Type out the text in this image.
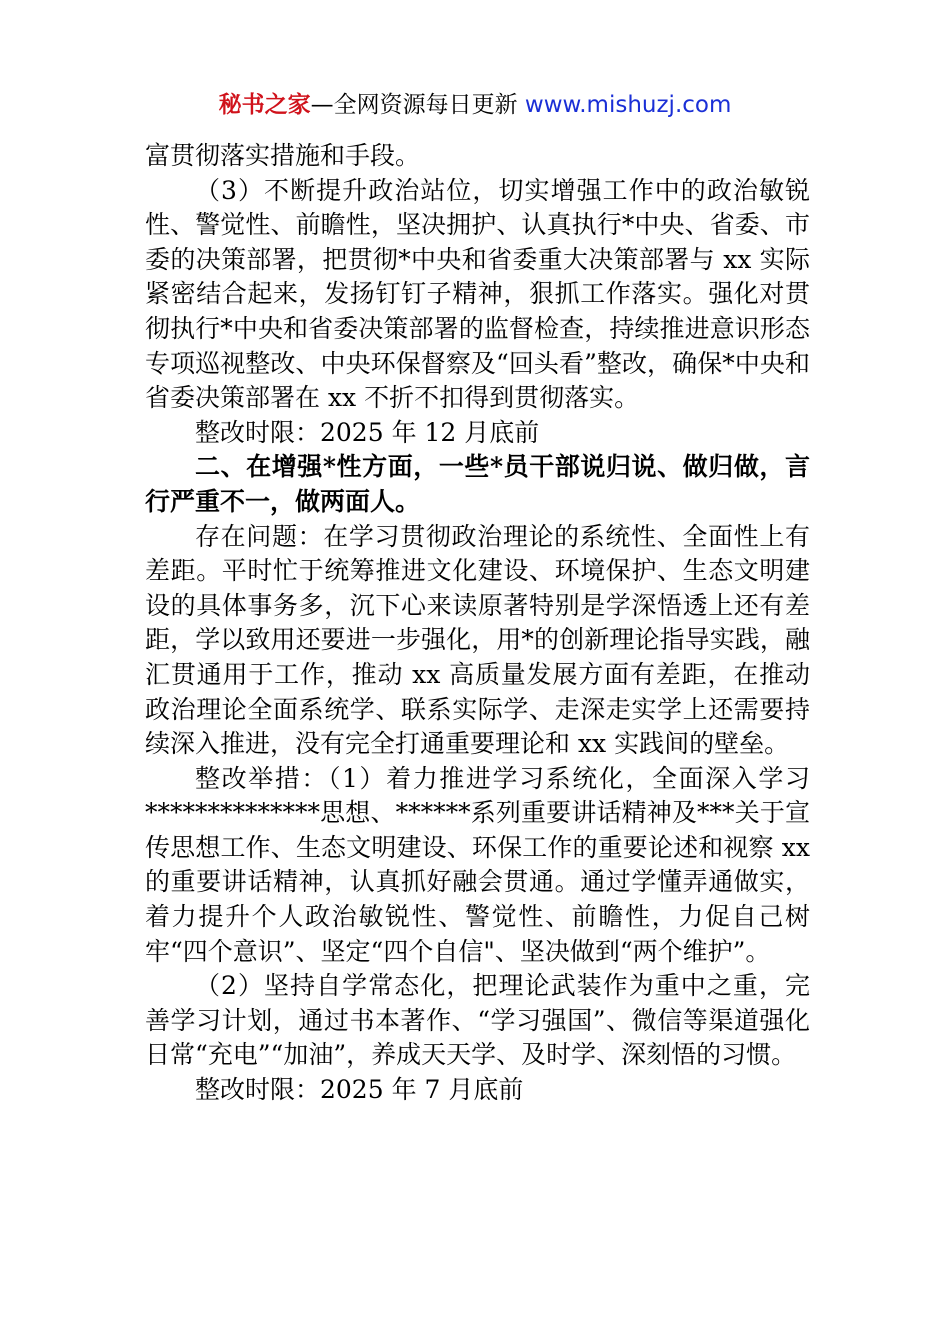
秘书之家—全网资源每日更新 www.mishuzj.com

富贯彻落实措施和手段。

（3）不断提升政治站位，切实增强工作中的政治敏锐性、警觉性、前瞻性，坚决拥护、认真执行*中央、省委、市委的决策部署，把贯彻*中央和省委重大决策部署与 xx 实际紧密结合起来，发扬钉钉子精神，狠抓工作落实。强化对贯彻执行*中央和省委决策部署的监督检查，持续推进意识形态专项巡视整改、中央环保督察及“回头看”整改，确保*中央和省委决策部署在 xx 不折不扣得到贯彻落实。

整改时限：2025 年 12 月底前

二、在增强*性方面，一些*员干部说归说、做归做，言行严重不一，做两面人。

存在问题：在学习贯彻政治理论的系统性、全面性上有差距。平时忙于统筹推进文化建设、环境保护、生态文明建设的具体事务多，沉下心来读原著特别是学深悟透上还有差距，学以致用还要进一步强化，用*的创新理论指导实践，融汇贯通用于工作，推动 xx 高质量发展方面有差距，在推动政治理论全面系统学、联系实际学、走深走实学上还需要持续深入推进，没有完全打通重要理论和 xx 实践间的壁垒。

整改举措：（1）着力推进学习系统化，全面深入学习**************思想、******系列重要讲话精神及***关于宣传思想工作、生态文明建设、环保工作的重要论述和视察 xx 的重要讲话精神，认真抓好融会贯通。通过学懂弄通做实，着力提升个人政治敏锐性、警觉性、前瞻性，力促自己树牢“四个意识”、坚定“四个自信"、坚决做到“两个维护”。

（2）坚持自学常态化，把理论武装作为重中之重，完善学习计划，通过书本著作、“学习强国”、微信等渠道强化日常“充电”“加油”，养成天天学、及时学、深刻悟的习惯。

整改时限：2025 年 7 月底前
